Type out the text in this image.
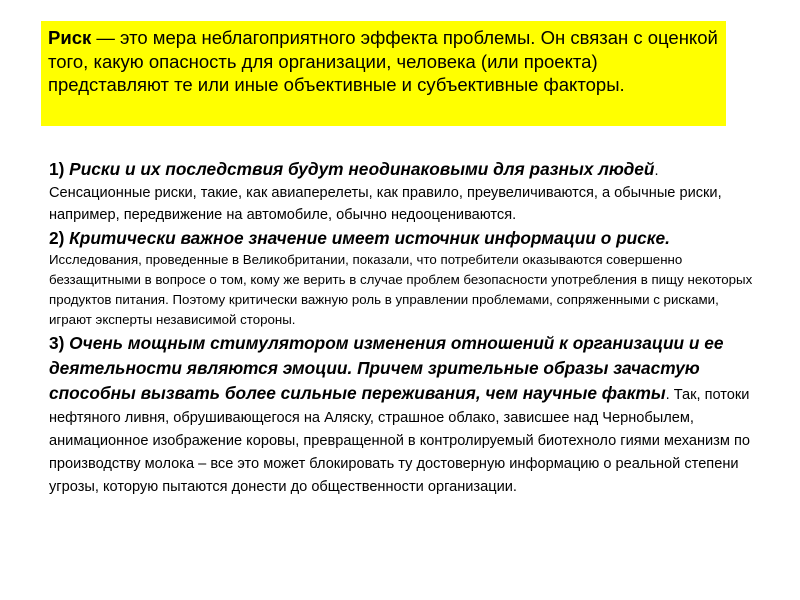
Риск — это мера неблагоприятного эффекта проблемы. Он связан с оценкой того, какую опасность для организации, человека (или проекта) представляют те или иные объективные и субъективные факторы.

1) Риски и их последствия будут неодинаковыми для разных людей. Сенсационные риски, такие, как авиаперелеты, как правило, преувеличиваются, а обычные риски, например, передвижение на автомобиле, обычно недооцениваются.

2) Критически важное значение имеет источник информации о риске. Исследования, проведенные в Великобритании, показали, что потребители оказываются совершенно беззащитными в вопросе о том, кому же верить в случае проблем безопасности употребления в пищу некоторых продуктов питания. Поэтому критически важную роль в управлении проблемами, сопряженными с рисками, играют эксперты независимой стороны.

3) Очень мощным стимулятором изменения отношений к организации и ее деятельности являются эмоции. Причем зрительные образы зачастую способны вызвать более сильные переживания, чем научные факты. Так, потоки нефтяного ливня, обрушивающегося на Аляску, страшное облако, зависшее над Чернобылем, анимационное изображение коровы, превращенной в контролируемый биотехноло гиями механизм по производству молока – все это может блокировать ту достоверную информацию о реальной степени угрозы, которую пытаются донести до общественности организации.
